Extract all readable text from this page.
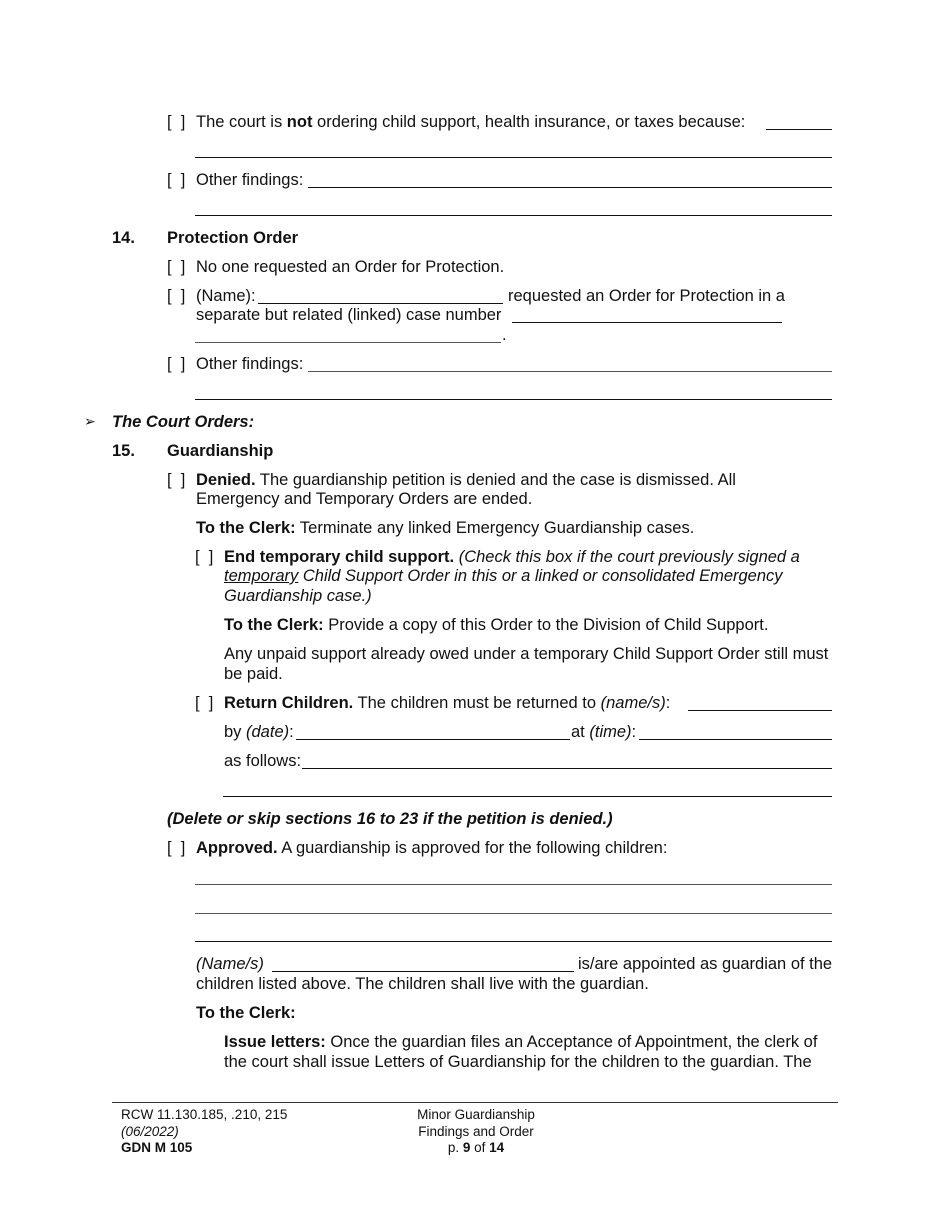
[  ] The court is not ordering child support, health insurance, or taxes because:
[  ] Other findings:
14. Protection Order
[  ] No one requested an Order for Protection.
[  ] (Name):	requested an Order for Protection in a
separate but related (linked) case number
.
[  ] Other findings:
➢ The Court Orders:
15. Guardianship
[  ] Denied. The guardianship petition is denied and the case is dismissed. All
Emergency and Temporary Orders are ended.
To the Clerk: Terminate any linked Emergency Guardianship cases.
[  ] End temporary child support. (Check this box if the court previously signed a
temporary Child Support Order in this or a linked or consolidated Emergency
Guardianship case.)
To the Clerk: Provide a copy of this Order to the Division of Child Support.
Any unpaid support already owed under a temporary Child Support Order still must
be paid.
[  ] Return Children. The children must be returned to (name/s):
by (date):	at (time):
as follows:
(Delete or skip sections 16 to 23 if the petition is denied.)
[  ] Approved. A guardianship is approved for the following children:
(Name/s)	is/are appointed as guardian of the
children listed above. The children shall live with the guardian.
To the Clerk:
Issue letters: Once the guardian files an Acceptance of Appointment, the clerk of
the court shall issue Letters of Guardianship for the children to the guardian. The
RCW 11.130.185, .210, 215
(06/2022)
GDN M 105
Minor Guardianship
Findings and Order
p. 9 of 14
